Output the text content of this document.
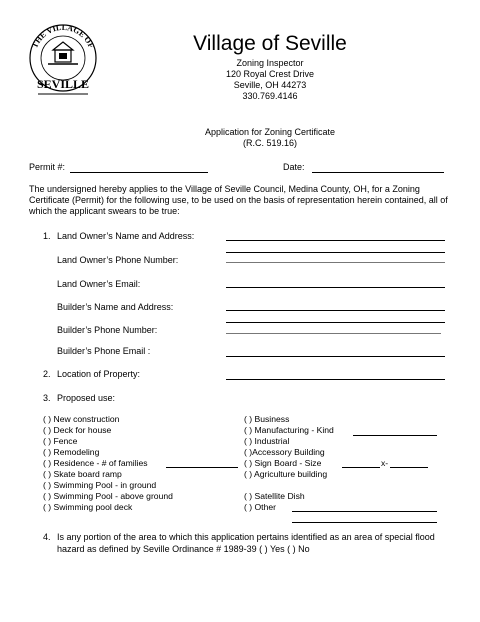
THE VILLAGE OF
SEVILLE
Village of Seville
Zoning Inspector
120 Royal Crest Drive
Seville, OH 44273
330.769.4146
Application for Zoning Certificate
(R.C. 519.16)
Permit #:	Date:
The undersigned hereby applies to the Village of Seville Council, Medina County, OH, for a Zoning Certificate (Permit) for the following use, to be used on the basis of representation herein contained, all of which the applicant swears to be true:
1. Land Owner’s Name and Address:
Land Owner’s Phone Number:
Land Owner’s Email:
Builder’s Name and Address:
Builder’s Phone Number:
Builder’s Phone Email :
2. Location of Property:
3. Proposed use:
( ) New construction
( ) Deck for house
( ) Fence
( ) Remodeling
( ) Residence - # of families
( ) Skate board ramp
( ) Swimming Pool - in ground
( ) Swimming Pool - above ground
( ) Swimming pool deck
( ) Business
( ) Manufacturing - Kind
( ) Industrial
( )Accessory Building
( ) Sign Board - Size	x-
( ) Agriculture building
( ) Satellite Dish
( ) Other
4. Is any portion of the area to which this application pertains identified as an area of special flood
hazard as defined by Seville Ordinance # 1989-39 ( ) Yes ( ) No
